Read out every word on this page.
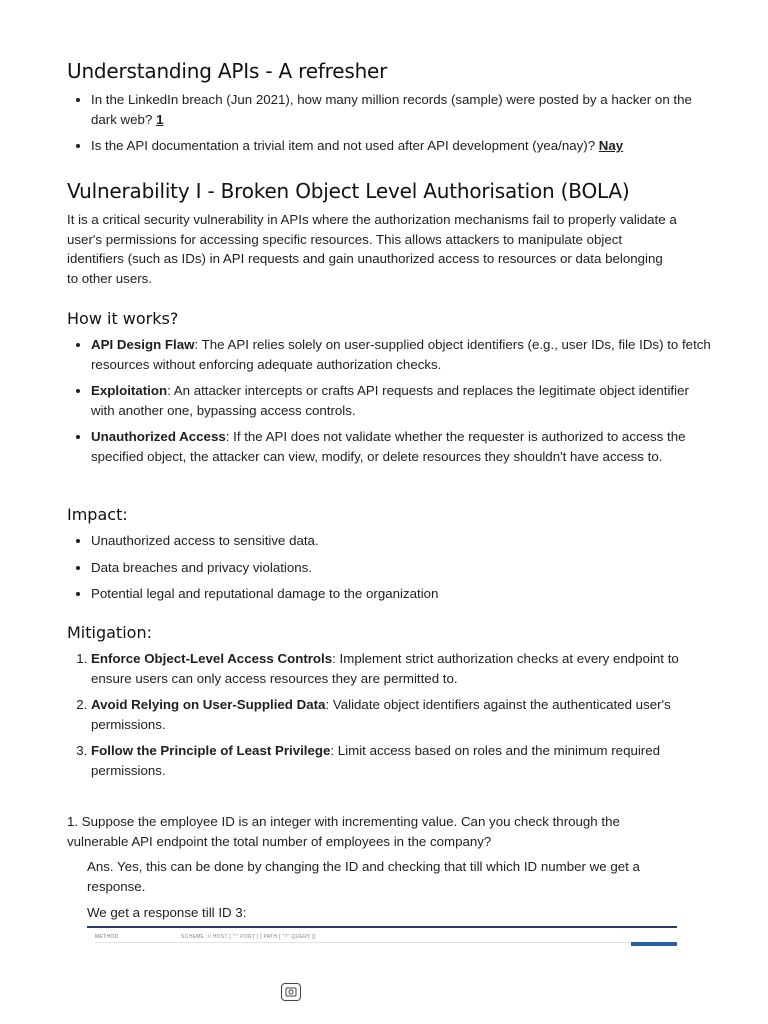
Understanding APIs - A refresher
• In the LinkedIn breach (Jun 2021), how many million records (sample) were posted by a hacker on the dark web? 1
• Is the API documentation a trivial item and not used after API development (yea/nay)? Nay
Vulnerability I - Broken Object Level Authorisation (BOLA)

It is a critical security vulnerability in APIs where the authorization mechanisms fail to properly validate a user's permissions for accessing specific resources. This allows attackers to manipulate object identifiers (such as IDs) in API requests and gain unauthorized access to resources or data belonging to other users.

How it works?
• API Design Flaw: The API relies solely on user-supplied object identifiers (e.g., user IDs, file IDs) to fetch resources without enforcing adequate authorization checks.
• Exploitation: An attacker intercepts or crafts API requests and replaces the legitimate object identifier with another one, bypassing access controls.
• Unauthorized Access: If the API does not validate whether the requester is authorized to access the specified object, the attacker can view, modify, or delete resources they shouldn't have access to.
Impact:
• Unauthorized access to sensitive data.
• Data breaches and privacy violations.
• Potential legal and reputational damage to the organization
Mitigation:
1. Enforce Object-Level Access Controls: Implement strict authorization checks at every endpoint to ensure users can only access resources they are permitted to.
2. Avoid Relying on User-Supplied Data: Validate object identifiers against the authenticated user's permissions.
3. Follow the Principle of Least Privilege: Limit access based on roles and the minimum required permissions.

1. Suppose the employee ID is an integer with incrementing value. Can you check through the vulnerable API endpoint the total number of employees in the company?

Ans. Yes, this can be done by changing the ID and checking that till which ID number we get a response.

We get a response till ID 3:

METHOD	SCHEME :// HOST [ ":" PORT ] [ PATH [ "?" QUERY ]]
